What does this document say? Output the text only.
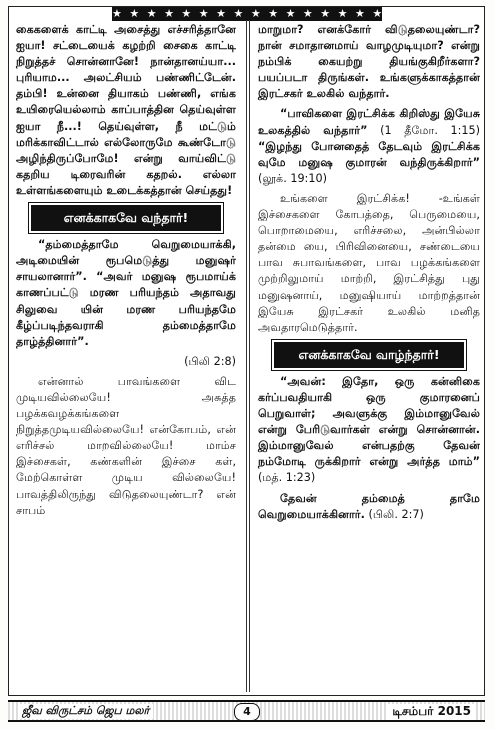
★ ★ ★ ★ ★ ★ ★ ★ ★ ★ ★ ★ ★ ★ ★ ★ ★ ★ ★

கைகளைக் காட்டி அசைத்து எச்சரித்தானே ஐயா! சட்டையைக் கழற்றி சைகை காட்டி நிறுத்தச் சொன்னானே! நான்தானய்யா... புரியாம... அலட்சியம் பண்ணிட்டேன். தம்பி! உன்னை தியாகம் பண்ணி, எங்க உயிரையெல்லாம் காப்பாத்தின தெய்வுள்ள ஐயா நீ...! தெய்வுள்ள, நீ மட்டும் மரிக்காவிட்டால் எல்லோருமே கூண்டோடு அழிந்திருப்போமே! என்று வாய்விட்டு கதறிய டிரைவரின் கதறல். எல்லா உள்ளங்களையும் உடைக்கத்தான் செய்தது!

எனக்காகவே வந்தார்!

“தம்மைத்தாமே வெறுமையாக்கி, அடிமையின் ரூபமெடுத்து மனுஷர் சாயலானார்”. “அவர் மனுஷ ரூபமாய்க் காணப்பட்டு மரண பரியந்தம் அதாவது சிலுவை யின் மரண பரியந்தமே கீழ்ப்படிந்தவராகி தம்மைத்தாமே தாழ்த்தினார்”.

(பிலி 2:8)

என்னால் பாவங்களை விட முடியவில்லையே! அசுத்த பழக்கவழக்கங்களை நிறுத்தமுடியவில்லையே! என்கோபம், என் எரிச்சல் மாறவில்லையே! மாம்ச இச்சைகள், கண்களின் இச்சை கள், மேற்கொள்ள முடிய வில்லையே! பாவத்திலிருந்து விடுதலையுண்டா? என் சாபம்

மாறுமா? எனக்கோர் விடுதலையுண்டா? நான் சமாதானமாய் வாழமுடியுமா? என்று நம்பிக் கையற்று தியங்குகிறீர்களா? பயப்படா திருங்கள். உங்களுக்காகத்தான் இரட்சகர் உலகில் வந்தார்.

“பாவிகளை இரட்சிக்க கிறிஸ்து இயேசு உலகத்தில் வந்தார்” (1 தீமோ. 1:15) “இழந்து போனதைத் தேடவும் இரட்சிக்க வுமே மனுஷ குமாரன் வந்திருக்கிறார்” (லூக். 19:10)

உங்களை இரட்சிக்க! -உங்கள் இச்சைகளை கோபத்தை, பெருமையை, பொறாமையை, எரிச்சலை, அன்பில்லா தன்மை யை, பிரிவினையை, சண்டையை பாவ சுபாவங்களை, பாவ பழக்கங்களை முற்றிலுமாய் மாற்றி, இரட்சித்து புது மனுஷனாய், மனுஷியாய் மாற்றத்தான் இயேசு இரட்சகர் உலகில் மனித அவதாரமெடுத்தார்.

எனக்காகவே வாழ்ந்தார்!

“அவன்: இதோ, ஒரு கன்னிகை கர்ப்பவதியாகி ஒரு குமாரனைப் பெறுவாள்; அவளுக்கு இம்மானுவேல் என்று பேரிடுவார்கள் என்று சொன்னான். இம்மானுவேல் என்பதற்கு தேவன் நம்மோடி ருக்கிறார் என்று அர்த்த மாம்” (மத். 1:23)

தேவன் தம்மைத் தாமே வெறுமையாக்கினார். (பிலி. 2:7)

ஜீவ விருட்சம் ஜெப மலர்	4	டிசம்பர் 2015
